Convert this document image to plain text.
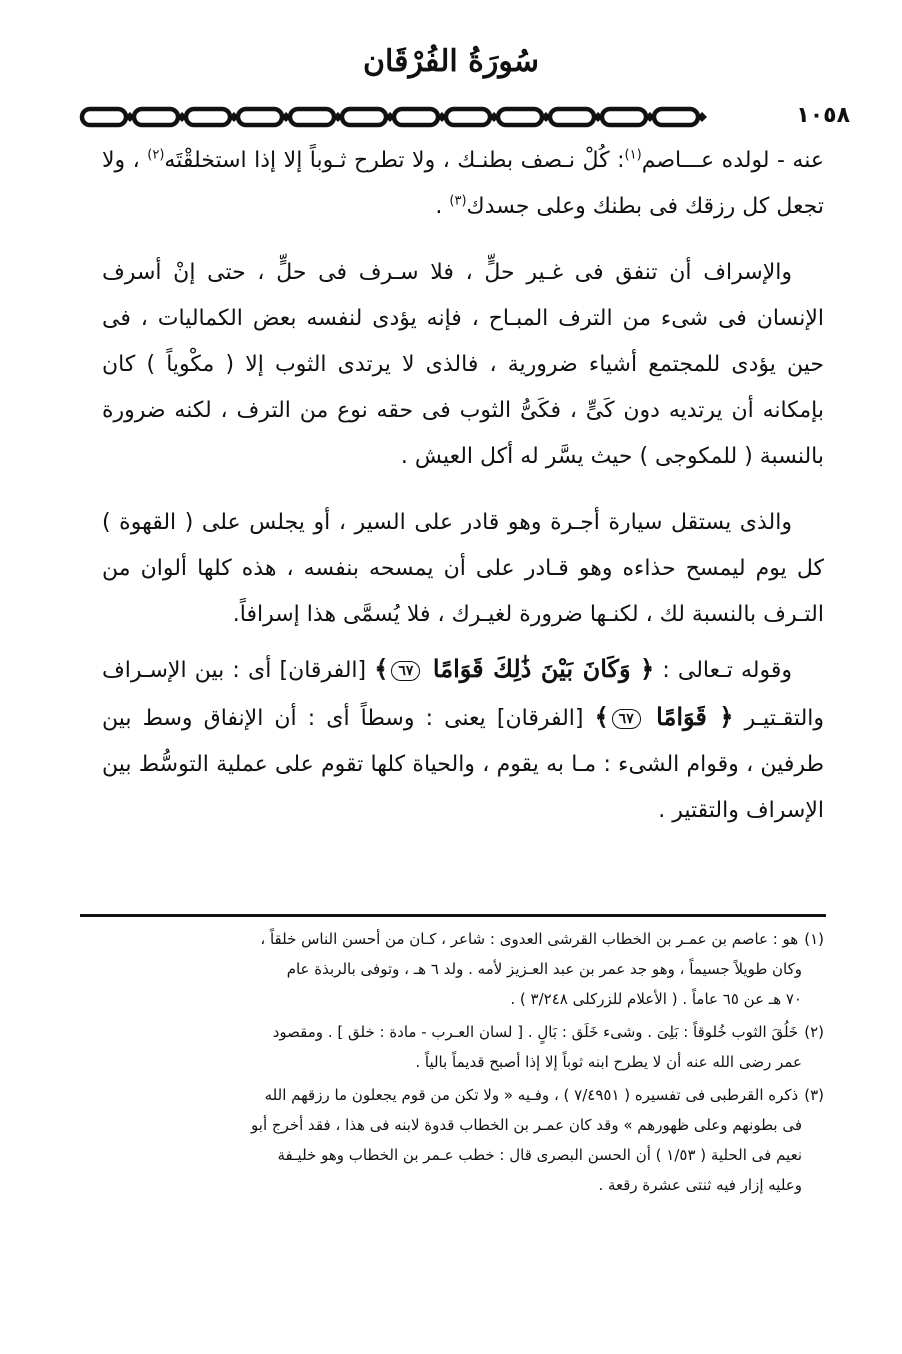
سُورَةُ الفُرْقَان
١٠٥٨

عنه - لولده عـــاصم$^{(١)}$: كُلْ نـصف بطنـك ، ولا تطرح ثـوباً إلا إذا استخلقْتَه$^{(٢)}$ ، ولا تجعل كل رزقك فى بطنك وعلى جسدك$^{(٣)}$ .

والإسراف أن تنفق فى غـير حلٍّ ، فلا سـرف فى حلٍّ ، حتى إنْ أسرف الإنسان فى شىء من الترف المبـاح ، فإنه يؤدى لنفسه بعض الكماليات ، فى حين يؤدى للمجتمع أشياء ضرورية ، فالذى لا يرتدى الثوب إلا ( مكْوياً ) كان بإمكانه أن يرتديه دون كَىٍّ ، فكَىُّ الثوب فى حقه نوع من الترف ، لكنه ضرورة بالنسبة ( للمكوجى ) حيث يسَّر له أكل العيش .

والذى يستقل سيارة أجـرة وهو قادر على السير ، أو يجلس على ( القهوة ) كل يوم ليمسح حذاءه وهو قـادر على أن يمسحه بنفسه ، هذه كلها ألوان من التـرف بالنسبة لك ، لكنـها ضرورة لغيـرك ، فلا يُسمَّى هذا إسرافاً.

وقوله تـعالى : ﴿ وَكَانَ بَيْنَ ذَٰلِكَ قَوَامًا ٦٧﴾ [الفرقان] أى : بين الإسـراف والتقـتيـر ﴿ قَوَامًا ٦٧﴾ [الفرقان] يعنى : وسطاً أى : أن الإنفاق وسط بين طرفين ، وقوام الشىء : مـا به يقوم ، والحياة كلها تقوم على عملية التوسُّط بين الإسراف والتقتير .

(١)هو : عاصم بن عمـر بن الخطاب القرشى العدوى : شاعر ، كـان من أحسن الناس خلقاً ،
وكان طويلاً جسيماً ، وهو جد عمر بن عبد العـزيز لأمه . ولد ٦ هـ ، وتوفى بالربذة عام
٧٠ هـ عن ٦٥ عاماً . ( الأعلام للزركلى ٣/٢٤٨ ) .

(٢)خَلُقَ الثوب خُلوقاً : بَلِىَ . وشىء خَلَق : بَالٍ . [ لسان العـرب - مادة : خلق ] . ومقصود
عمر رضى الله عنه أن لا يطرح ابنه ثوباً إلا إذا أصبح قديماً بالياً .

(٣)ذكره القرطبى فى تفسيره ( ٧/٤٩٥١ ) ، وفـيه « ولا تكن من قوم يجعلون ما رزقهم الله
فى بطونهم وعلى ظهورهم » وقد كان عمـر بن الخطاب قدوة لابنه فى هذا ، فقد أخرج أبو
نعيم فى الحلية ( ١/٥٣ ) أن الحسن البصرى قال : خطب عـمر بن الخطاب وهو خليـفة
وعليه إزار فيه ثنتى عشرة رقعة .
